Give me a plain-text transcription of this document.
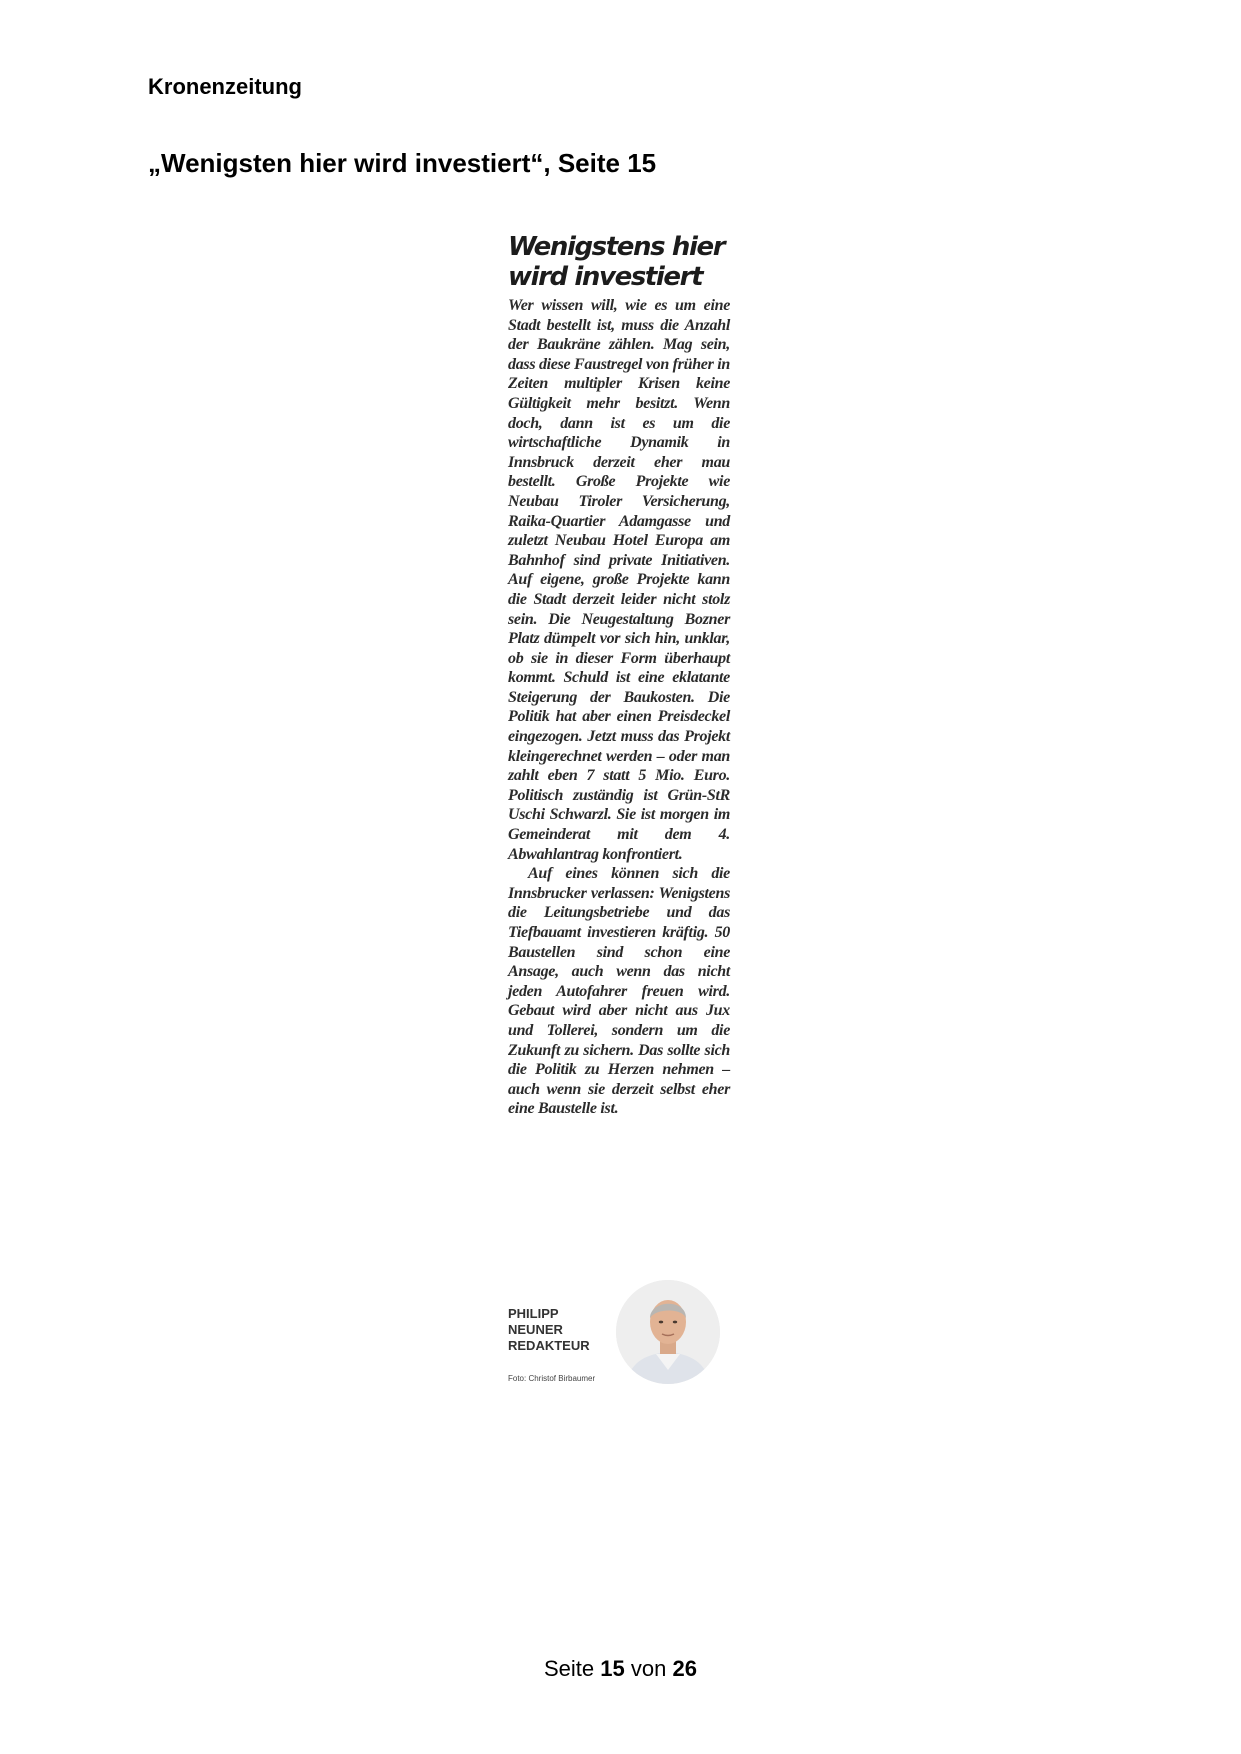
Kronenzeitung
„Wenigsten hier wird investiert“, Seite 15
Wenigstens hier
wird investiert

Wer wissen will, wie es um eine Stadt bestellt ist, muss die Anzahl der Baukräne zählen. Mag sein, dass diese Faustregel von früher in Zeiten multipler Krisen keine Gültigkeit mehr besitzt. Wenn doch, dann ist es um die wirtschaftliche Dynamik in Innsbruck derzeit eher mau bestellt. Große Projekte wie Neubau Tiroler Versicherung, Raika-Quartier Adamgasse und zuletzt Neubau Hotel Europa am Bahnhof sind private Initiativen. Auf eigene, große Projekte kann die Stadt derzeit leider nicht stolz sein. Die Neugestaltung Bozner Platz dümpelt vor sich hin, unklar, ob sie in dieser Form überhaupt kommt. Schuld ist eine eklatante Steigerung der Baukosten. Die Politik hat aber einen Preisdeckel eingezogen. Jetzt muss das Projekt kleingerechnet werden – oder man zahlt eben 7 statt 5 Mio. Euro. Politisch zuständig ist Grün-StR Uschi Schwarzl. Sie ist morgen im Gemeinderat mit dem 4. Abwahlantrag konfrontiert.

Auf eines können sich die Innsbrucker verlassen: Wenigstens die Leitungsbetriebe und das Tiefbauamt investieren kräftig. 50 Baustellen sind schon eine Ansage, auch wenn das nicht jeden Autofahrer freuen wird. Gebaut wird aber nicht aus Jux und Tollerei, sondern um die Zukunft zu sichern. Das sollte sich die Politik zu Herzen nehmen – auch wenn sie derzeit selbst eher eine Baustelle ist.

PHILIPP
NEUNER
REDAKTEUR
Foto: Christof Birbaumer
Seite 15 von 26
